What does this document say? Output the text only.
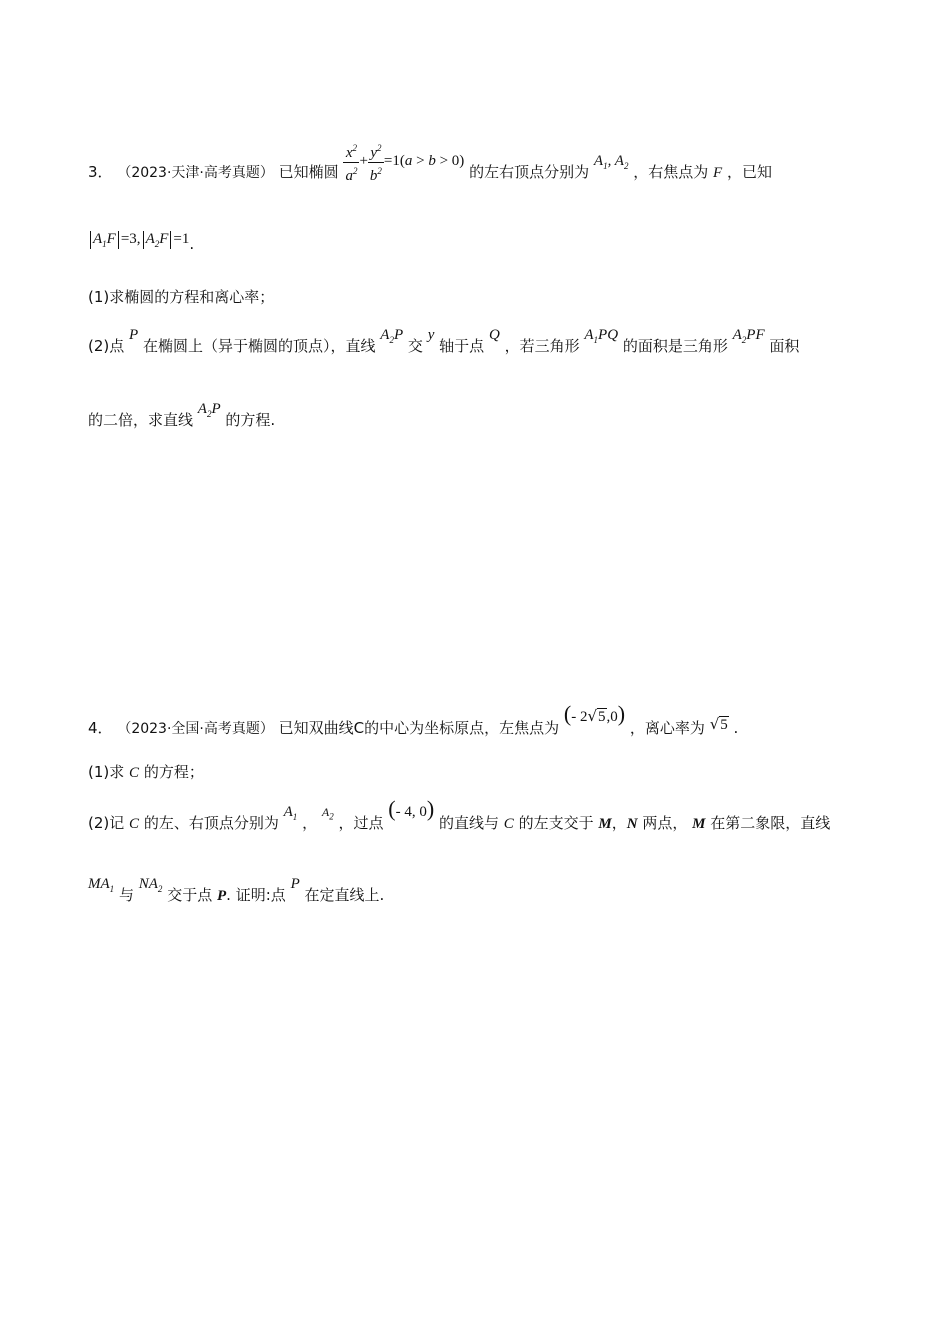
3． （2023·天津·高考真题） 已知椭圆 $\frac{x^2}{a^2} + \frac{y^2}{b^2} =1(a > b > 0)$ 的左右顶点分别为 $A_1$, $A_2$ ，右焦点为 F ，已知
$A_1F =3$, $A_2F =1$.
(1)求椭圆的方程和离心率；
(2)点 P 在椭圆上（异于椭圆的顶点），直线 $A_2P$ 交 y 轴于点 Q ，若三角形 $A_1PQ$ 的面积是三角形 $A_2PF$ 面积
的二倍，求直线 $A_2P$ 的方程.
4． （2023·全国·高考真题） 已知双曲线C的中心为坐标原点，左焦点为 (- 2√5,0) ，离心率为 √5 .
(1)求 C 的方程；
(2)记 C 的左、右顶点分别为 $A_1$ ， $^{A_2}$ ，过点 (- 4, 0) 的直线与 C 的左支交于 M，N 两点， M 在第二象限，直线
$MA_1$ 与 $NA_2$ 交于点 P. 证明:点 P 在定直线上.
